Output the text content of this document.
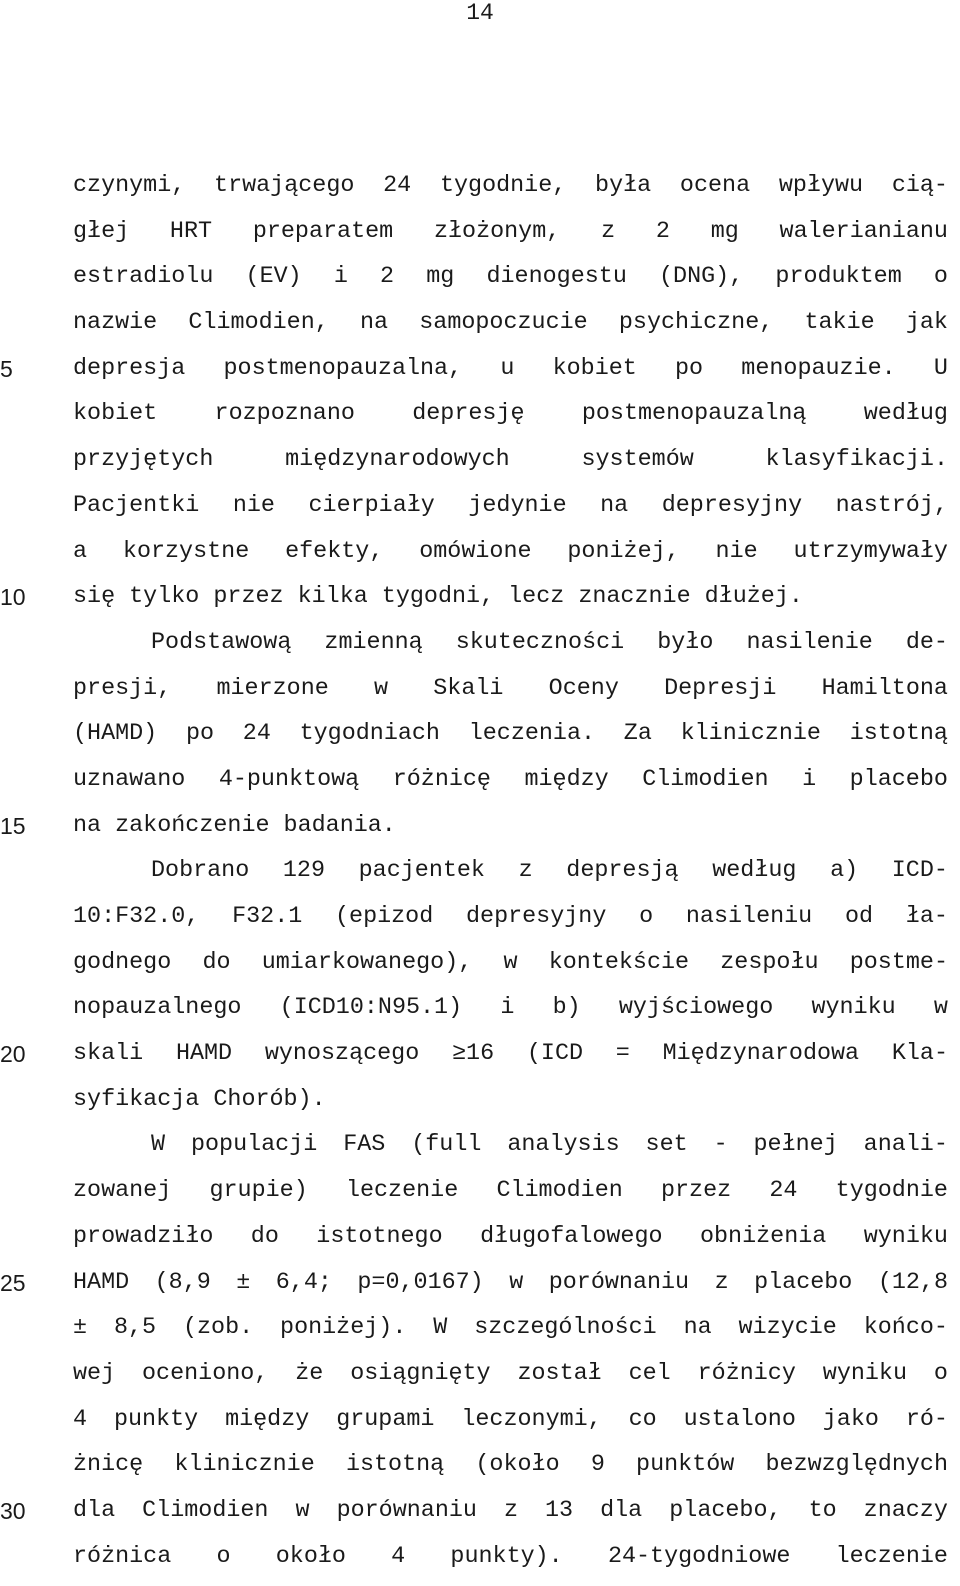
14
czynymi, trwającego 24 tygodnie, była ocena wpływu cią-
głej HRT preparatem złożonym, z 2 mg walerianianu
estradiolu (EV) i 2 mg dienogestu (DNG), produktem o
nazwie Climodien, na samopoczucie psychiczne, takie jak
5	depresja postmenopauzalna, u kobiet po menopauzie. U
kobiet rozpoznano depresję postmenopauzalną według
przyjętych	międzynarodowych	systemów	klasyfikacji.
Pacjentki nie cierpiały jedynie na depresyjny nastrój,
a korzystne efekty, omówione poniżej, nie utrzymywały
10	się tylko przez kilka tygodni, lecz znacznie dłużej.
Podstawową zmienną skuteczności było nasilenie de-
presji, mierzone w Skali Oceny Depresji Hamiltona
(HAMD) po 24 tygodniach leczenia. Za klinicznie istotną
uznawano 4-punktową różnicę między Climodien i placebo
15	na zakończenie badania.
Dobrano 129 pacjentek z depresją według a) ICD-
10:F32.0, F32.1 (epizod depresyjny o nasileniu od ła-
godnego do umiarkowanego), w kontekście zespołu postme-
nopauzalnego (ICD10:N95.1) i b) wyjściowego wyniku w
20	skali HAMD wynoszącego ≥16 (ICD = Międzynarodowa Kla-
syfikacja Chorób).
W populacji FAS (full analysis set - pełnej anali-
zowanej grupie) leczenie Climodien przez 24 tygodnie
prowadziło do istotnego długofalowego obniżenia wyniku
25	HAMD (8,9 ± 6,4; p=0,0167) w porównaniu z placebo (12,8
± 8,5 (zob. poniżej). W szczególności na wizycie końco-
wej oceniono, że osiągnięty został cel różnicy wyniku o
4 punkty między grupami leczonymi, co ustalono jako ró-
żnicę klinicznie istotną (około 9 punktów bezwzględnych
30	dla Climodien w porównaniu z 13 dla placebo, to znaczy
różnica o około 4 punkty). 24-tygodniowe leczenie
